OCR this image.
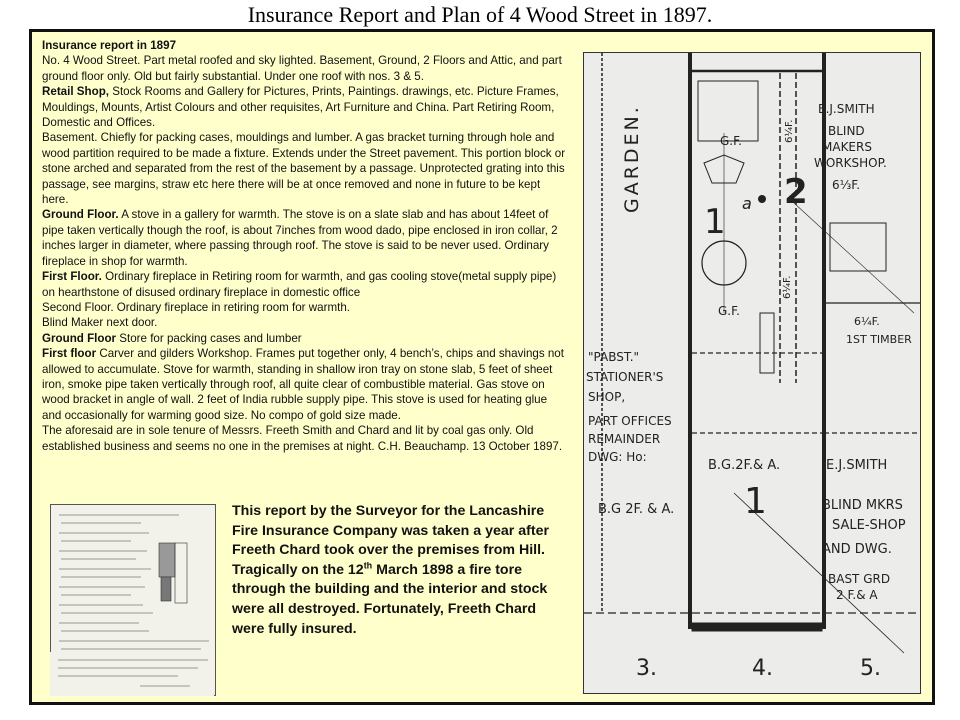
Insurance Report and Plan of 4 Wood Street in 1897.

Insurance report in 1897

No. 4 Wood Street. Part metal roofed and sky lighted. Basement, Ground, 2 Floors and Attic, and part ground floor only. Old but fairly substantial. Under one roof with nos. 3 & 5.

Retail Shop, Stock Rooms and Gallery for Pictures, Prints, Paintings. drawings, etc. Picture Frames, Mouldings, Mounts, Artist Colours and other requisites, Art Furniture and China. Part Retiring Room, Domestic and Offices.

Basement. Chiefly for packing cases, mouldings and lumber. A gas bracket turning through hole and wood partition required to be made a fixture. Extends under the Street pavement. This portion block or stone arched and separated from the rest of the basement by a passage. Unprotected grating into this passage, see margins, straw etc here there will be at once removed and none in future to be kept here.

Ground Floor. A stove in a gallery for warmth. The stove is on a slate slab and has about 14feet of pipe taken vertically though the roof, is about 7inches from wood dado, pipe enclosed in iron collar, 2 inches larger in diameter, where passing through roof. The stove is said to be never used. Ordinary fireplace in shop for warmth.

First Floor. Ordinary fireplace in Retiring room for warmth, and gas cooling stove(metal supply pipe) on hearthstone of disused ordinary fireplace in domestic office

Second Floor. Ordinary fireplace in retiring room for warmth.

Blind Maker next door.

Ground Floor Store for packing cases and lumber

First floor Carver and gilders Workshop. Frames put together only, 4 bench’s, chips and shavings not allowed to accumulate. Stove for warmth, standing in shallow iron tray on stone slab, 5 feet of sheet iron, smoke pipe taken vertically through roof, all quite clear of combustible material. Gas stove on wood bracket in angle of wall. 2 feet of India rubble supply pipe. This stove is used for heating glue and occasionally for warming good size. No compo of gold size made.

The aforesaid are in sole tenure of Messrs. Freeth Smith and Chard and lit by coal gas only. Old established business and seems no one in the premises at night. C.H. Beauchamp. 13 October 1897.

This report by the Surveyor for the Lancashire Fire Insurance Company was taken a year after Freeth Chard took over the premises from Hill. Tragically on the 12th March 1898 a fire tore through the building and the interior and stock were all destroyed. Fortunately, Freeth Chard were fully insured.
GARDEN.	G.F.
G.F.
6¼F.
6¼F.
1
2
a
E.J.SMITH
BLIND
MAKERS
WORKSHOP.
6⅓F.
6¼F.
1ST TIMBER
"PABST."
STATIONER'S
SHOP,
PART OFFICES
REMAINDER
DWG: Ho:
B.G 2F. & A.
B.G.2F.& A.
1
E.J.SMITH
BLIND MKRS
SALE-SHOP
AND DWG.
BAST GRD
2 F.& A
3.	4.	5.
